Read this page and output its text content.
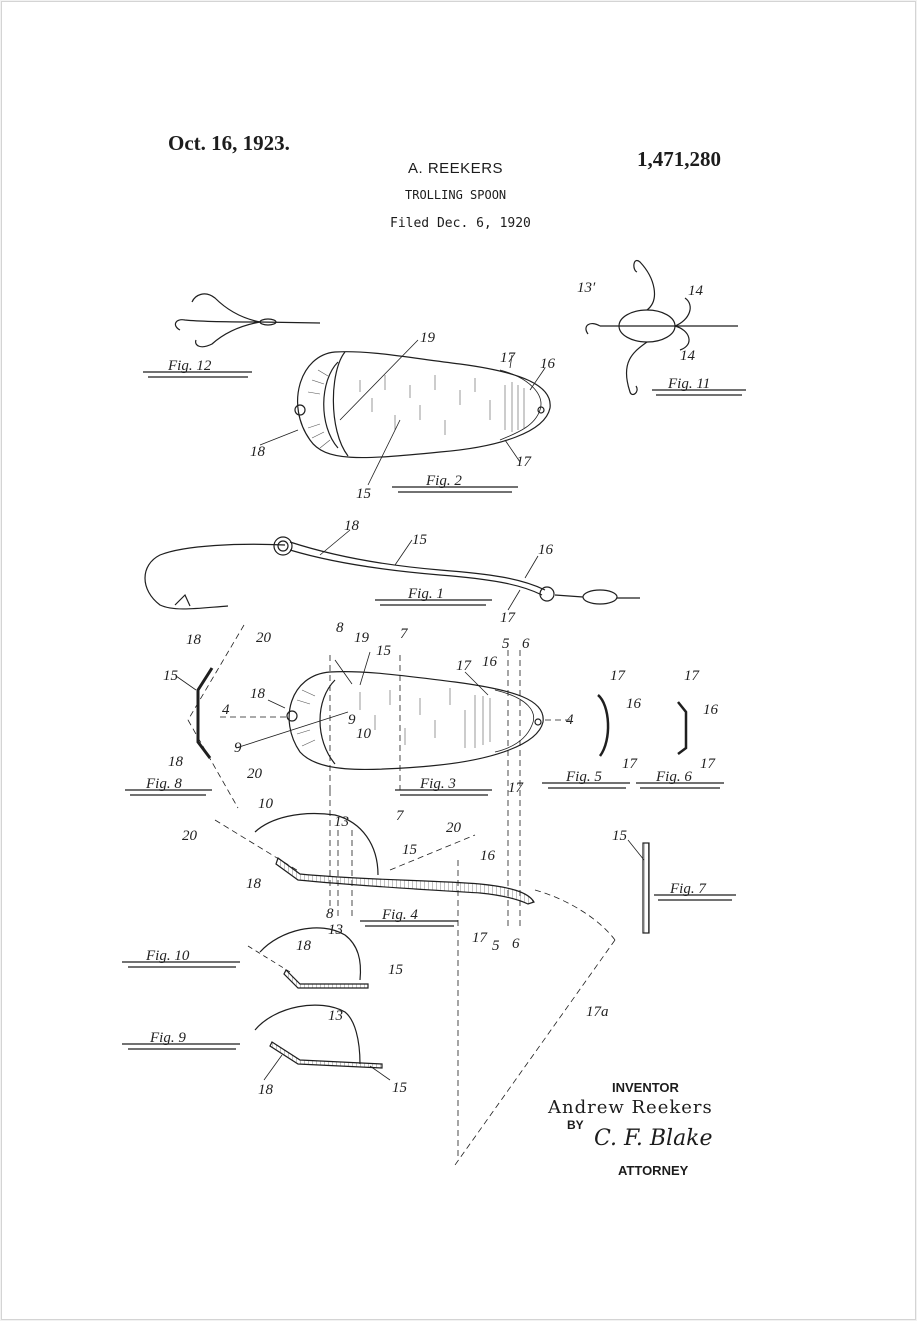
Oct. 16, 1923.
1,471,280
A. REEKERS
TROLLING SPOON
Filed Dec. 6, 1920
Fig. 12
Fig. 11
Fig. 2
Fig. 1
Fig. 8	Fig. 3	Fig. 5	Fig. 6
Fig. 7
Fig. 4
Fig. 10
Fig. 9
13′	14
14
19
17 16
18
17
15
18
15
16
17
18	20
15
18
20
8
19
15
7
5 6
17 16
18
4
4
9
9
10
10
17
7
17
16
17
17
16
17
20
13	20
15	16
18
8
13	17 5 6
15
18
15
13
18	15
17a
INVENTOR
Andrew Reekers
BY
C. F. Blake
ATTORNEY
